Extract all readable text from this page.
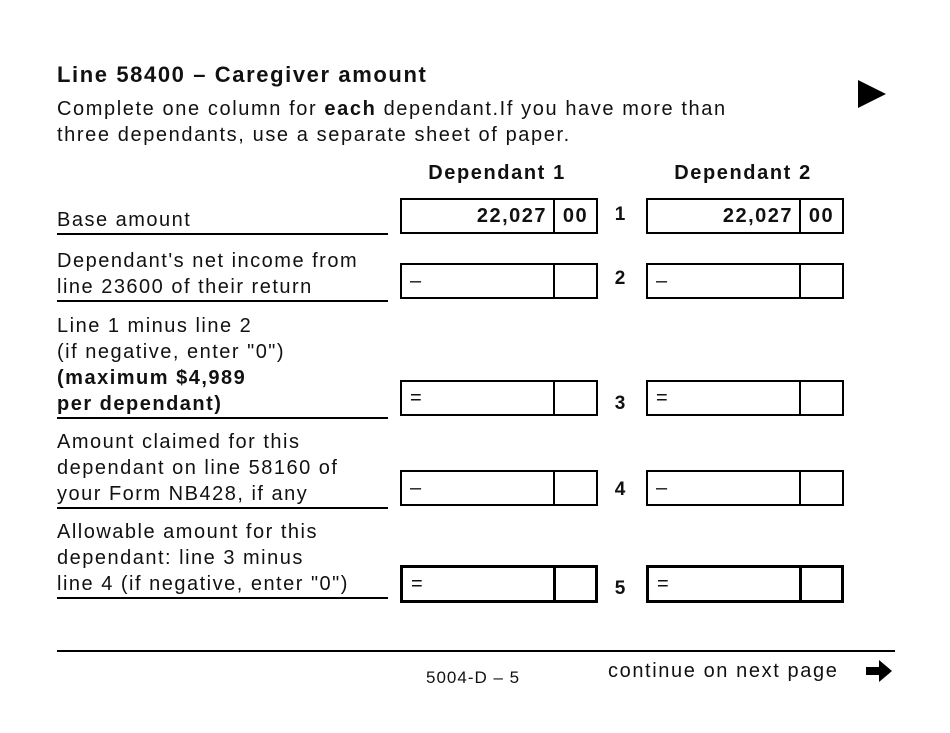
Line 58400 – Caregiver amount
Complete one column for each dependant.If you have more than
three dependants, use a separate sheet of paper.
Dependant 1	Dependant 2
Base amount	22,027 00	1	22,027 00
Dependant's net income from
line 23600 of their return	–	2	–
Line 1 minus line 2
(if negative, enter "0")
(maximum $4,989
per dependant)	=	3	=
Amount claimed for this
dependant on line 58160 of
your Form NB428, if any	–	4	–
Allowable amount for this
dependant: line 3 minus
line 4 (if negative, enter "0")	=	5	=
5004-D – 5	continue on next page
